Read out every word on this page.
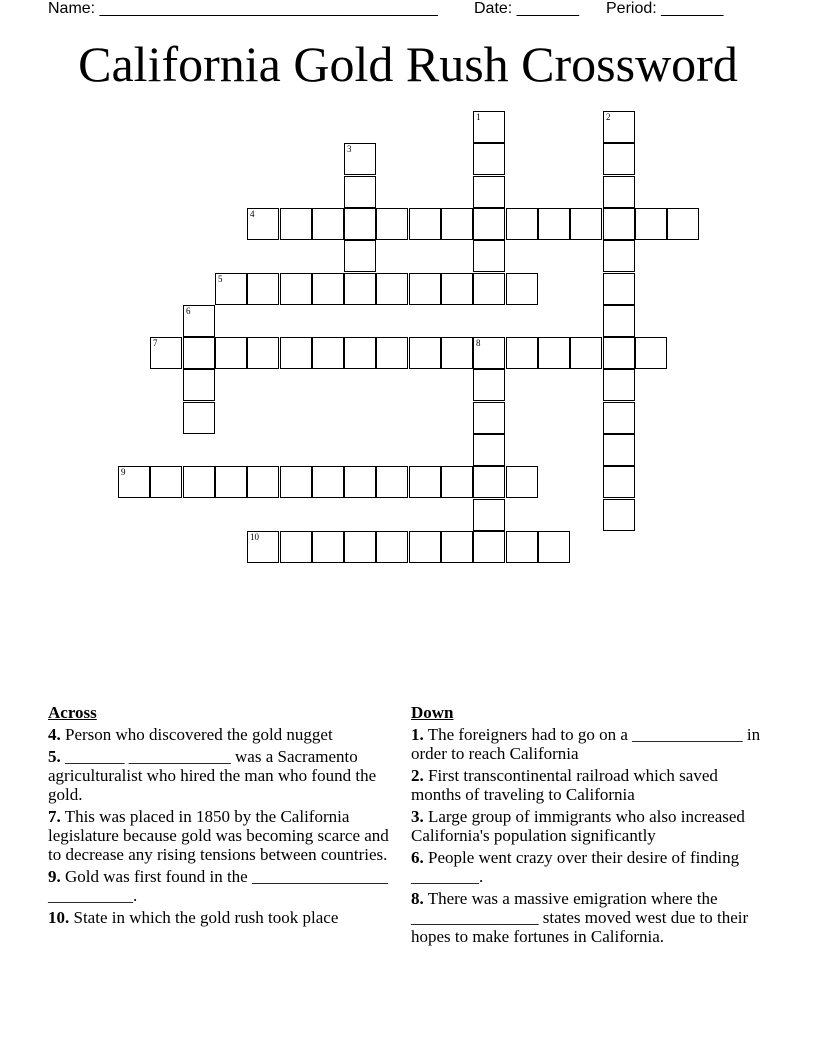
Name: ______________________________________ Date: _______ Period: _______
California Gold Rush Crossword
1	2
3
4
5
6
7	8
9
10
Across
4. Person who discovered the gold nugget
5. _______ ____________ was a Sacramento agriculturalist who hired the man who found the gold.
7. This was placed in 1850 by the California legislature because gold was becoming scarce and to decrease any rising tensions between countries.
9. Gold was first found in the ________________ __________.
10. State in which the gold rush took place
Down
1. The foreigners had to go on a _____________ in order to reach California
2. First transcontinental railroad which saved months of traveling to California
3. Large group of immigrants who also increased California's population significantly
6. People went crazy over their desire of finding ________.
8. There was a massive emigration where the _______________ states moved west due to their hopes to make fortunes in California.
